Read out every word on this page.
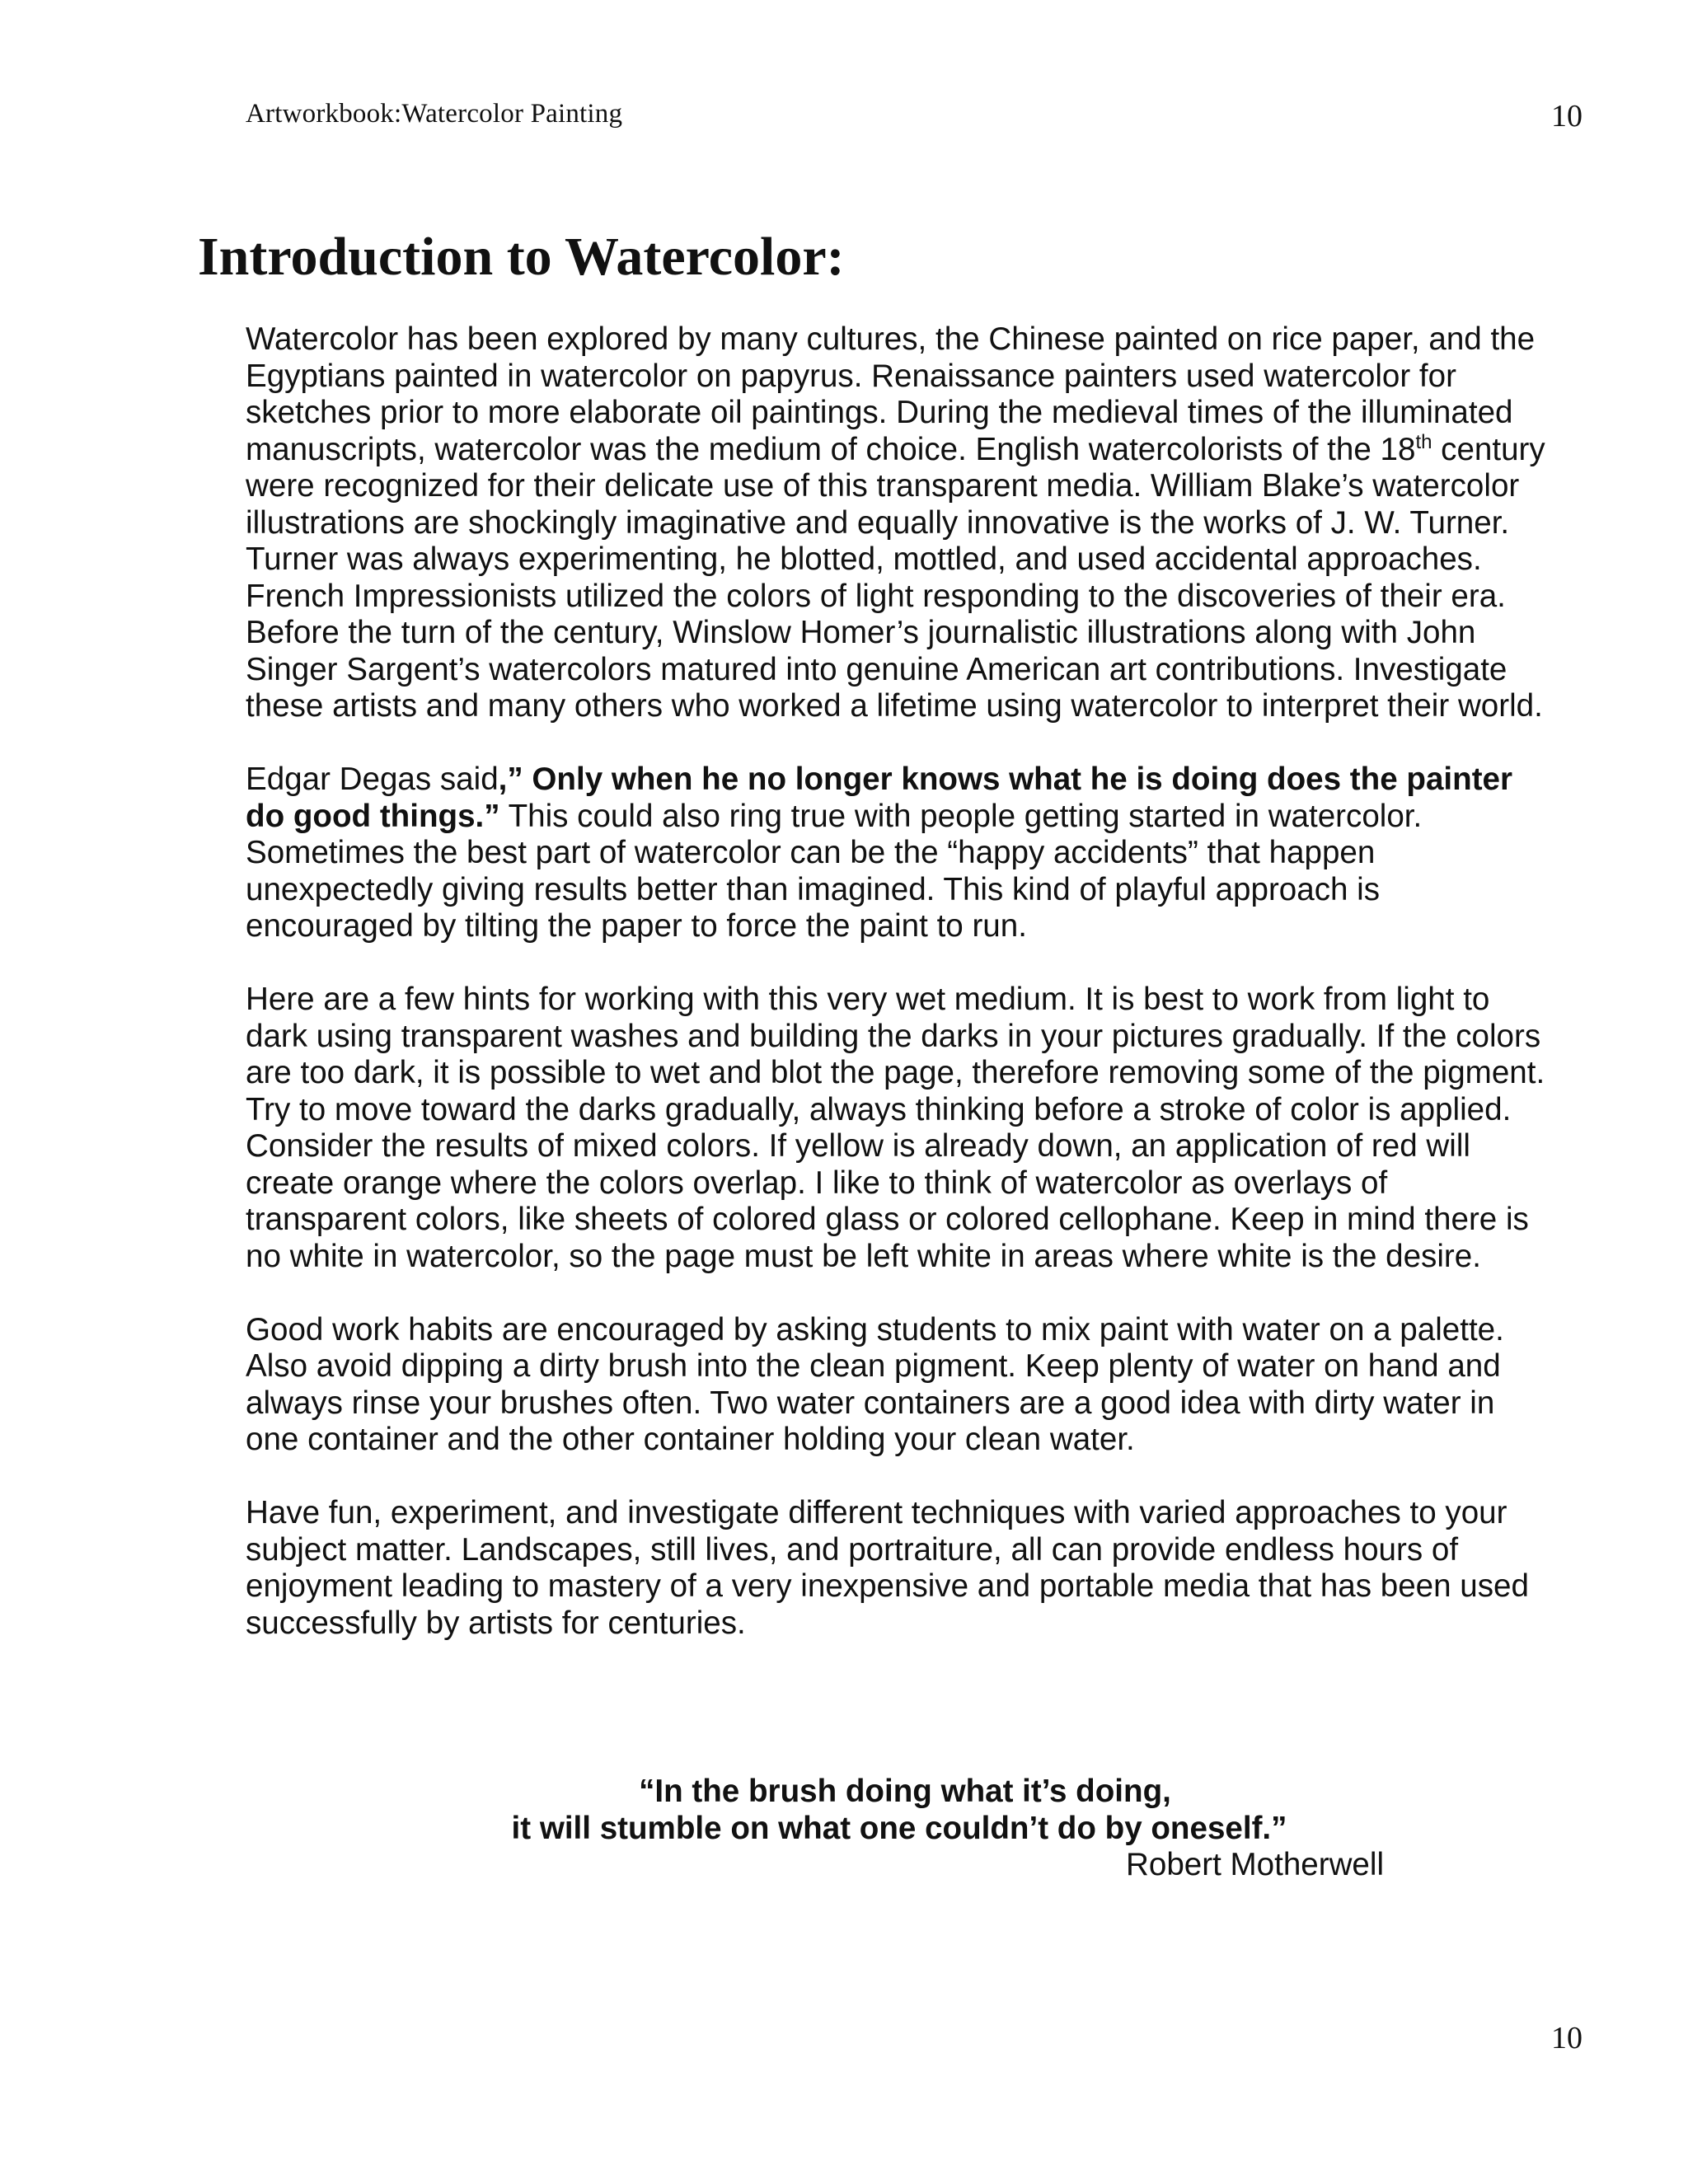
Artworkbook:Watercolor Painting	10
Introduction to Watercolor:

Watercolor has been explored by many cultures, the Chinese painted on rice paper, and the Egyptians painted in watercolor on papyrus. Renaissance painters used watercolor for sketches prior to more elaborate oil paintings. During the medieval times of the illuminated manuscripts, watercolor was the medium of choice. English watercolorists of the 18th century were recognized for their delicate use of this transparent media. William Blake’s watercolor illustrations are shockingly imaginative and equally innovative is the works of J. W. Turner. Turner was always experimenting, he blotted, mottled, and used accidental approaches. French Impressionists utilized the colors of light responding to the discoveries of their era. Before the turn of the century, Winslow Homer’s journalistic illustrations along with John Singer Sargent’s watercolors matured into genuine American art contributions. Investigate these artists and many others who worked a lifetime using watercolor to interpret their world.

Edgar Degas said,” Only when he no longer knows what he is doing does the painter do good things.” This could also ring true with people getting started in watercolor. Sometimes the best part of watercolor can be the “happy accidents” that happen unexpectedly giving results better than imagined. This kind of playful approach is encouraged by tilting the paper to force the paint to run.

Here are a few hints for working with this very wet medium. It is best to work from light to dark using transparent washes and building the darks in your pictures gradually. If the colors are too dark, it is possible to wet and blot the page, therefore removing some of the pigment. Try to move toward the darks gradually, always thinking before a stroke of color is applied. Consider the results of mixed colors. If yellow is already down, an application of red will create orange where the colors overlap. I like to think of watercolor as overlays of transparent colors, like sheets of colored glass or colored cellophane. Keep in mind there is no white in watercolor, so the page must be left white in areas where white is the desire.

Good work habits are encouraged by asking students to mix paint with water on a palette. Also avoid dipping a dirty brush into the clean pigment. Keep plenty of water on hand and always rinse your brushes often. Two water containers are a good idea with dirty water in one container and the other container holding your clean water.

Have fun, experiment, and investigate different techniques with varied approaches to your subject matter. Landscapes, still lives, and portraiture, all can provide endless hours of enjoyment leading to mastery of a very inexpensive and portable media that has been used successfully by artists for centuries.

“In the brush doing what it’s doing,
it will stumble on what one couldn’t do by oneself.”
Robert Motherwell
10
